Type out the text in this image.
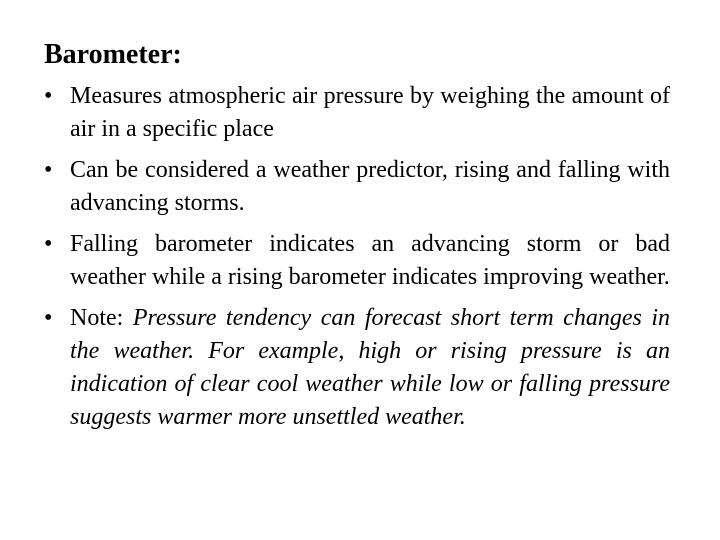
Barometer:
• Measures atmospheric air pressure by weighing the amount of air in a specific place
• Can be considered a weather predictor, rising and falling with advancing storms.
• Falling barometer indicates an advancing storm or bad weather while a rising barometer indicates improving weather.
• Note: Pressure tendency can forecast short term changes in the weather. For example, high or rising pressure is an indication of clear cool weather while low or falling pressure suggests warmer more unsettled weather.
